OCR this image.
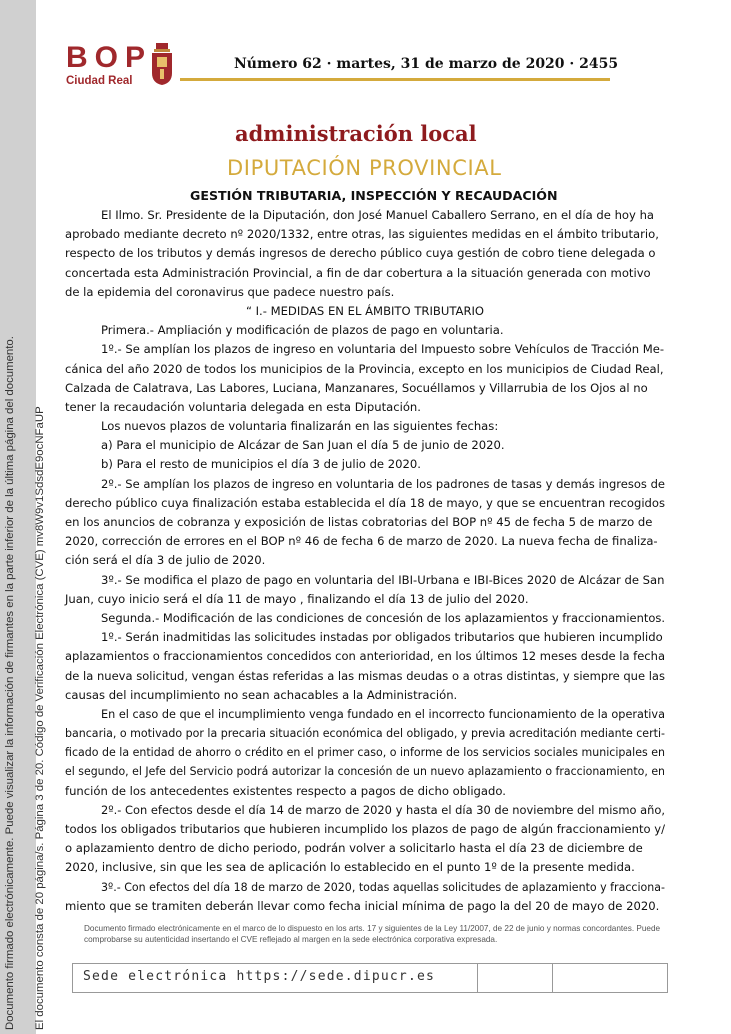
Documento firmado electrónicamente. Puede visualizar la información de firmantes en la parte inferior de la última página del documento. El documento consta de 20 página/s. Página 3 de 20. Código de Verificación Electrónica (CVE) mv8W9v1SdsdE9ocNFaUP
BOP
Ciudad Real
Número 62 · martes, 31 de marzo de 2020 · 2455
administración local
DIPUTACIÓN PROVINCIAL
GESTIÓN TRIBUTARIA, INSPECCIÓN Y RECAUDACIÓN
El Ilmo. Sr. Presidente de la Diputación, don José Manuel Caballero Serrano, en el día de hoy ha
aprobado mediante decreto nº 2020/1332, entre otras, las siguientes medidas en el ámbito tributario,
respecto de los tributos y demás ingresos de derecho público cuya gestión de cobro tiene delegada o
concertada esta Administración Provincial, a fin de dar cobertura a la situación generada con motivo
de la epidemia del coronavirus que padece nuestro país.
“ I.- MEDIDAS EN EL ÁMBITO TRIBUTARIO
Primera.- Ampliación y modificación de plazos de pago en voluntaria.
1º.- Se amplían los plazos de ingreso en voluntaria del Impuesto sobre Vehículos de Tracción Me-
cánica del año 2020 de todos los municipios de la Provincia, excepto en los municipios de Ciudad Real,
Calzada de Calatrava, Las Labores, Luciana, Manzanares, Socuéllamos y Villarrubia de los Ojos al no
tener la recaudación voluntaria delegada en esta Diputación.
Los nuevos plazos de voluntaria finalizarán en las siguientes fechas:
a) Para el municipio de Alcázar de San Juan el día 5 de junio de 2020.
b) Para el resto de municipios el día 3 de julio de 2020.
2º.- Se amplían los plazos de ingreso en voluntaria de los padrones de tasas y demás ingresos de
derecho público cuya finalización estaba establecida el día 18 de mayo, y que se encuentran recogidos
en los anuncios de cobranza y exposición de listas cobratorias del BOP nº 45 de fecha 5 de marzo de
2020, corrección de errores en el BOP nº 46 de fecha 6 de marzo de 2020. La nueva fecha de finaliza-
ción será el día 3 de julio de 2020.
3º.- Se modifica el plazo de pago en voluntaria del IBI-Urbana e IBI-Bices 2020 de Alcázar de San
Juan, cuyo inicio será el día 11 de mayo , finalizando el día 13 de julio del 2020.
Segunda.- Modificación de las condiciones de concesión de los aplazamientos y fraccionamientos.
1º.- Serán inadmitidas las solicitudes instadas por obligados tributarios que hubieren incumplido
aplazamientos o fraccionamientos concedidos con anterioridad, en los últimos 12 meses desde la fecha
de la nueva solicitud, vengan éstas referidas a las mismas deudas o a otras distintas, y siempre que las
causas del incumplimiento no sean achacables a la Administración.
En el caso de que el incumplimiento venga fundado en el incorrecto funcionamiento de la operativa
bancaria, o motivado por la precaria situación económica del obligado, y previa acreditación mediante certi-
ficado de la entidad de ahorro o crédito en el primer caso, o informe de los servicios sociales municipales en
el segundo, el Jefe del Servicio podrá autorizar la concesión de un nuevo aplazamiento o fraccionamiento, en
función de los antecedentes existentes respecto a pagos de dicho obligado.
2º.- Con efectos desde el día 14 de marzo de 2020 y hasta el día 30 de noviembre del mismo año,
todos los obligados tributarios que hubieren incumplido los plazos de pago de algún fraccionamiento y/
o aplazamiento dentro de dicho periodo, podrán volver a solicitarlo hasta el día 23 de diciembre de
2020, inclusive, sin que les sea de aplicación lo establecido en el punto 1º de la presente medida.
3º.- Con efectos del día 18 de marzo de 2020, todas aquellas solicitudes de aplazamiento y fracciona-
miento que se tramiten deberán llevar como fecha inicial mínima de pago la del 20 de mayo de 2020.
Documento firmado electrónicamente en el marco de lo dispuesto en los arts. 17 y siguientes de la Ley 11/2007, de 22 de junio y normas concordantes. Puede comprobarse su autenticidad insertando el CVE reflejado al margen en la sede electrónica corporativa expresada.
Sede electrónica https://sede.dipucr.es
